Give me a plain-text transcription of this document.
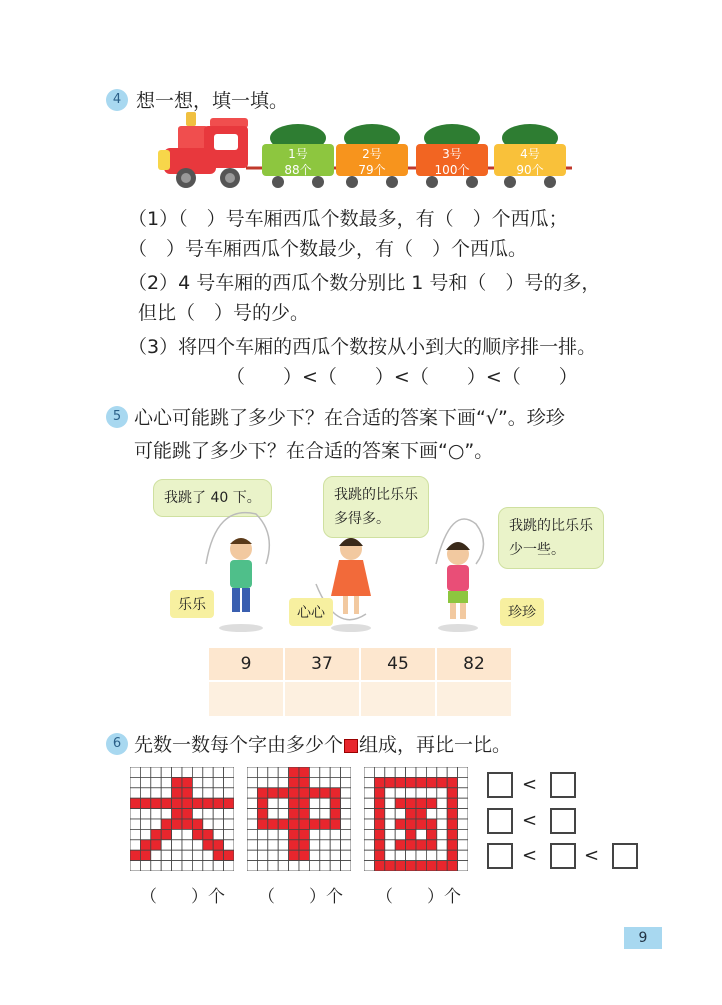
4 想一想，填一填。
1号
88个
2号
79个
3号
100个
4号
90个
（1）（　）号车厢西瓜个数最多，有（　）个西瓜；
（　）号车厢西瓜个数最少，有（　）个西瓜。
（2）4 号车厢的西瓜个数分别比 1 号和（　）号的多，
但比（　）号的少。
（3）将四个车厢的西瓜个数按从小到大的顺序排一排。
（　　）<（　　）<（　　）<（　　）
5 心心可能跳了多少下？在合适的答案下画“√”。珍珍
可能跳了多少下？在合适的答案下画“○”。
我跳了 40 下。	我跳的比乐乐
多得多。	我跳的比乐乐
少一些。
乐乐	心心	珍珍
9	37	45	82

6 先数一数每个字由多少个 组成，再比一比。
（　　）个 （　　）个 （　　）个
<
<
<	<
9
